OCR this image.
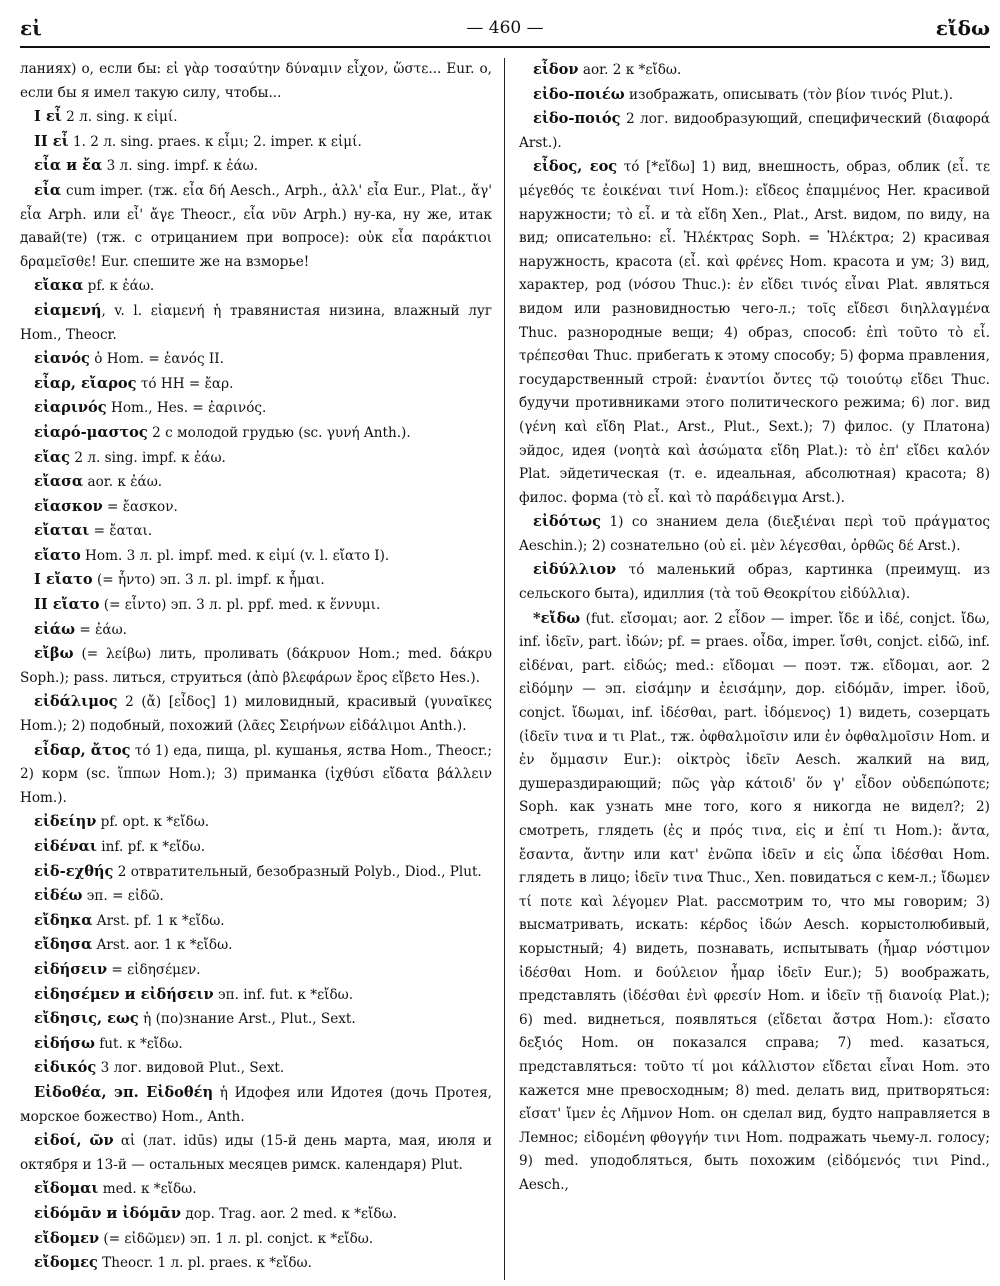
εἰ	— 460 —	εἴδω

ланиях) о, если бы: εἰ γὰρ τοσαύτην δύναμιν εἶχον, ὥστε... Eur. о, если бы я имел такую силу, чтобы...

I εἶ 2 л. sing. к εἰμί.

II εἶ 1. 2 л. sing. praes. к εἶμι; 2. imper. к εἰμί.

εἶα и ἔα 3 л. sing. impf. к ἐάω.

εἶα cum imper. (тж. εἶα δή Aesch., Arph., ἀλλ' εἶα Eur., Plat., ἄγ' εἶα Arph. или εἶ' ἄγε Theocr., εἶα νῦν Arph.) ну-ка, ну же, итак давай(те) (тж. с отрицанием при вопросе): οὐκ εἶα παράκτιοι δραμεῖσθε! Eur. спешите же на взморье!

εἴακα pf. к ἐάω.

εἰαμενή, v. l. εἰαμενή ἡ травянистая низина, влажный луг Hom., Theocr.

εἰανός ὁ Hom. = ἑανός II.

εἶαρ, εἴαρος τό HH = ἔαρ.

εἰαρινός Hom., Hes. = ἐαρινός.

εἰαρό-μαστος 2 с молодой грудью (sc. γυνή Anth.).

εἴας 2 л. sing. impf. к ἐάω.

εἴασα aor. к ἐάω.

εἴασκον = ἔασκον.

εἴαται = ἔαται.

εἴατο Hom. 3 л. pl. impf. med. к εἰμί (v. l. εἴατο I).

I εἴατο (= ἧντο) эп. 3 л. pl. impf. к ἧμαι.

II εἴατο (= εἷντο) эп. 3 л. pl. ppf. med. к ἕννυμι.

εἰάω = ἐάω.

εἴβω (= λείβω) лить, проливать (δάκρυον Hom.; med. δάκρυ Soph.); pass. литься, струиться (ἀπὸ βλεφάρων ἔρος εἴβετο Hes.).

εἰδάλιμος 2 (ἄ) [εἶδος] 1) миловидный, красивый (γυναῖκες Hom.); 2) подобный, похожий (λᾶες Σειρήνων εἰδάλιμοι Anth.).

εἶδαρ, ἄτος τό 1) еда, пища, pl. кушанья, яства Hom., Theocr.; 2) корм (sc. ἵππων Hom.); 3) приманка (ἰχθύσι εἴδατα βάλλειν Hom.).

εἰδείην pf. opt. к *εἴδω.

εἰδέναι inf. pf. к *εἴδω.

εἰδ-εχθής 2 отвратительный, безобразный Polyb., Diod., Plut.

εἰδέω эп. = εἰδῶ.

εἴδηκα Arst. pf. 1 к *εἴδω.

εἴδησα Arst. aor. 1 к *εἴδω.

εἰδήσειν = εἰδησέμεν.

εἰδησέμεν и εἰδήσειν эп. inf. fut. к *εἴδω.

εἴδησις, εως ἡ (по)знание Arst., Plut., Sext.

εἰδήσω fut. к *εἴδω.

εἰδικός 3 лог. видовой Plut., Sext.

Εἰδοθέα, эп. Εἰδοθέη ἡ Идофея или Идотея (дочь Протея, морское божество) Hom., Anth.

εἰδοί, ῶν αἱ (лат. idūs) иды (15-й день марта, мая, июля и октября и 13-й — остальных месяцев римск. календаря) Plut.

εἴδομαι med. к *εἴδω.

εἰδόμᾱν и ἰδόμᾱν дор. Trag. aor. 2 med. к *εἴδω.

εἴδομεν (= εἰδῶμεν) эп. 1 л. pl. conjct. к *εἴδω.

εἴδομες Theocr. 1 л. pl. praes. к *εἴδω.

εἶδον aor. 2 к *εἴδω.

εἰδο-ποιέω изображать, описывать (τὸν βίον τινός Plut.).

εἰδο-ποιός 2 лог. видообразующий, специфический (διαφορά Arst.).

εἶδος, εος τό [*εἴδω] 1) вид, внешность, образ, облик (εἶ. τε μέγεθός τε ἐοικέναι τινί Hom.): εἴδεος ἐπαμμένος Her. красивой наружности; τὸ εἶ. и τὰ εἴδη Xen., Plat., Arst. видом, по виду, на вид; описательно: εἶ. Ἠλέκτρας Soph. = Ἠλέκτρα; 2) красивая наружность, красота (εἶ. καὶ φρένες Hom. красота и ум; 3) вид, характер, род (νόσου Thuc.): ἐν εἴδει τινός εἶναι Plat. являться видом или разновидностью чего-л.; τοῖς εἴδεσι διηλλαγμένα Thuc. разнородные вещи; 4) образ, способ: ἐπὶ τοῦτο τὸ εἶ. τρέπεσθαι Thuc. прибегать к этому способу; 5) форма правления, государственный строй: ἐναντίοι ὄντες τῷ τοιούτῳ εἴδει Thuc. будучи противниками этого политического режима; 6) лог. вид (γένη καὶ εἴδη Plat., Arst., Plut., Sext.); 7) филос. (у Платона) эйдос, идея (νοητὰ καὶ ἀσώματα εἴδη Plat.): τὸ ἐπ' εἴδει καλόν Plat. эйдетическая (т. е. идеальная, абсолютная) красота; 8) филос. форма (τὸ εἶ. καὶ τὸ παράδειγμα Arst.).

εἰδότως 1) со знанием дела (διεξιέναι περὶ τοῦ πράγματος Aeschin.); 2) сознательно (οὐ εἰ. μὲν λέγεσθαι, ὀρθῶς δέ Arst.).

εἰδύλλιον τό маленький образ, картинка (преимущ. из сельского быта), идиллия (τὰ τοῦ Θεοκρίτου εἰδύλλια).

*εἴδω (fut. εἴσομαι; aor. 2 εἶδον — imper. ἴδε и ἰδέ, conjct. ἴδω, inf. ἰδεῖν, part. ἰδών; pf. = praes. οἶδα, imper. ἴσθι, conjct. εἰδῶ, inf. εἰδέναι, part. εἰδώς; med.: εἴδομαι — поэт. тж. εἴδομαι, aor. 2 εἰδόμην — эп. εἰσάμην и ἐεισάμην, дор. εἰδόμᾱν, imper. ἰδοῦ, conjct. ἴδωμαι, inf. ἰδέσθαι, part. ἰδόμενος) 1) видеть, созерцать (ἰδεῖν τινα и τι Plat., тж. ὀφθαλμοῖσιν или ἐν ὀφθαλμοῖσιν Hom. и ἐν ὄμμασιν Eur.): οἰκτρὸς ἰδεῖν Aesch. жалкий на вид, душераздирающий; πῶς γὰρ κάτοιδ' ὅν γ' εἶδον οὐδεπώποτε; Soph. как узнать мне того, кого я никогда не видел?; 2) смотреть, глядеть (ἐς и πρός τινα, εἰς и ἐπί τι Hom.): ἄντα, ἔσαντα, ἄντην или κατ' ἐνῶπα ἰδεῖν и εἰς ὦπα ἰδέσθαι Hom. глядеть в лицо; ἰδεῖν τινα Thuc., Xen. повидаться с кем-л.; ἴδωμεν τί ποτε καὶ λέγομεν Plat. рассмотрим то, что мы говорим; 3) высматривать, искать: κέρδος ἰδών Aesch. корыстолюбивый, корыстный; 4) видеть, познавать, испытывать (ἦμαρ νόστιμον ἰδέσθαι Hom. и δούλειον ἦμαρ ἰδεῖν Eur.); 5) воображать, представлять (ἰδέσθαι ἐνὶ φρεσίν Hom. и ἰδεῖν τῇ διανοίᾳ Plat.); 6) med. виднеться, появляться (εἴδεται ἄστρα Hom.): εἴσατο δεξιός Hom. он показался справа; 7) med. казаться, представляться: τοῦτο τί μοι κάλλιστον εἴδεται εἶναι Hom. это кажется мне превосходным; 8) med. делать вид, притворяться: εἴσατ' ἴμεν ἐς Λῆμνον Hom. он сделал вид, будто направляется в Лемнос; εἰδομένη φθογγήν τινι Hom. подражать чьему-л. голосу; 9) med. уподобляться, быть похожим (εἰδόμενός τινι Pind., Aesch.,
